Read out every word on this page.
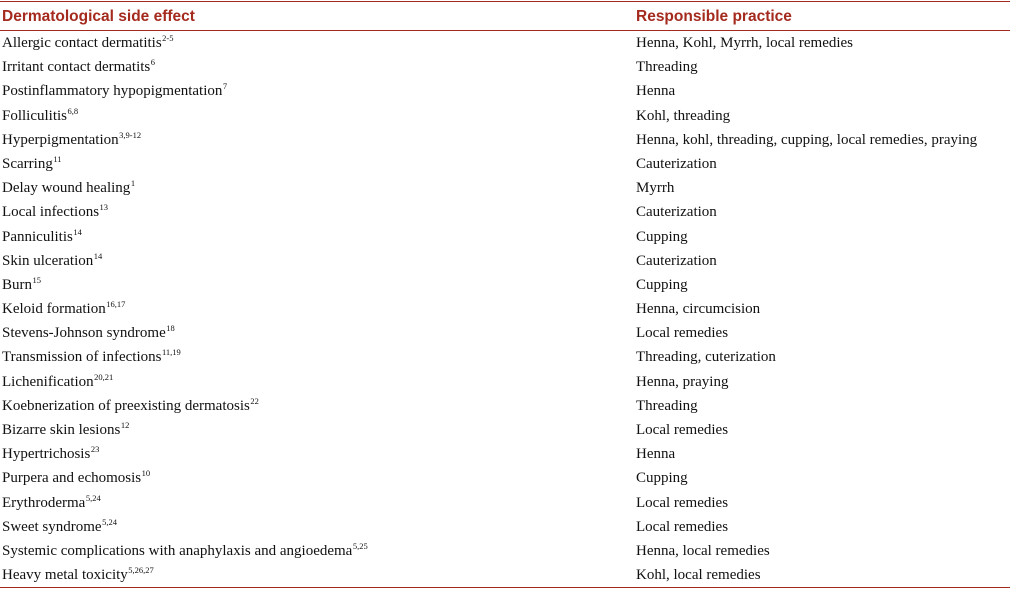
Dermatological side effect	Responsible practice
Allergic contact dermatitis$^{2-5}$	Henna, Kohl, Myrrh, local remedies
Irritant contact dermatits$^6$	Threading
Postinflammatory hypopigmentation$^7$	Henna
Folliculitis$^{6,8}$	Kohl, threading
Hyperpigmentation$^{3,9-12}$	Henna, kohl, threading, cupping, local remedies, praying
Scarring$^{11}$	Cauterization
Delay wound healing$^1$	Myrrh
Local infections$^{13}$	Cauterization
Panniculitis$^{14}$	Cupping
Skin ulceration$^{14}$	Cauterization
Burn$^{15}$	Cupping
Keloid formation$^{16,17}$	Henna, circumcision
Stevens-Johnson syndrome$^{18}$	Local remedies
Transmission of infections$^{11,19}$	Threading, cuterization
Lichenification$^{20,21}$	Henna, praying
Koebnerization of preexisting dermatosis$^{22}$	Threading
Bizarre skin lesions$^{12}$	Local remedies
Hypertrichosis$^{23}$	Henna
Purpera and echomosis$^{10}$	Cupping
Erythroderma$^{5,24}$	Local remedies
Sweet syndrome$^{5,24}$	Local remedies
Systemic complications with anaphylaxis and angioedema$^{5,25}$	Henna, local remedies
Heavy metal toxicity$^{5,26,27}$	Kohl, local remedies
